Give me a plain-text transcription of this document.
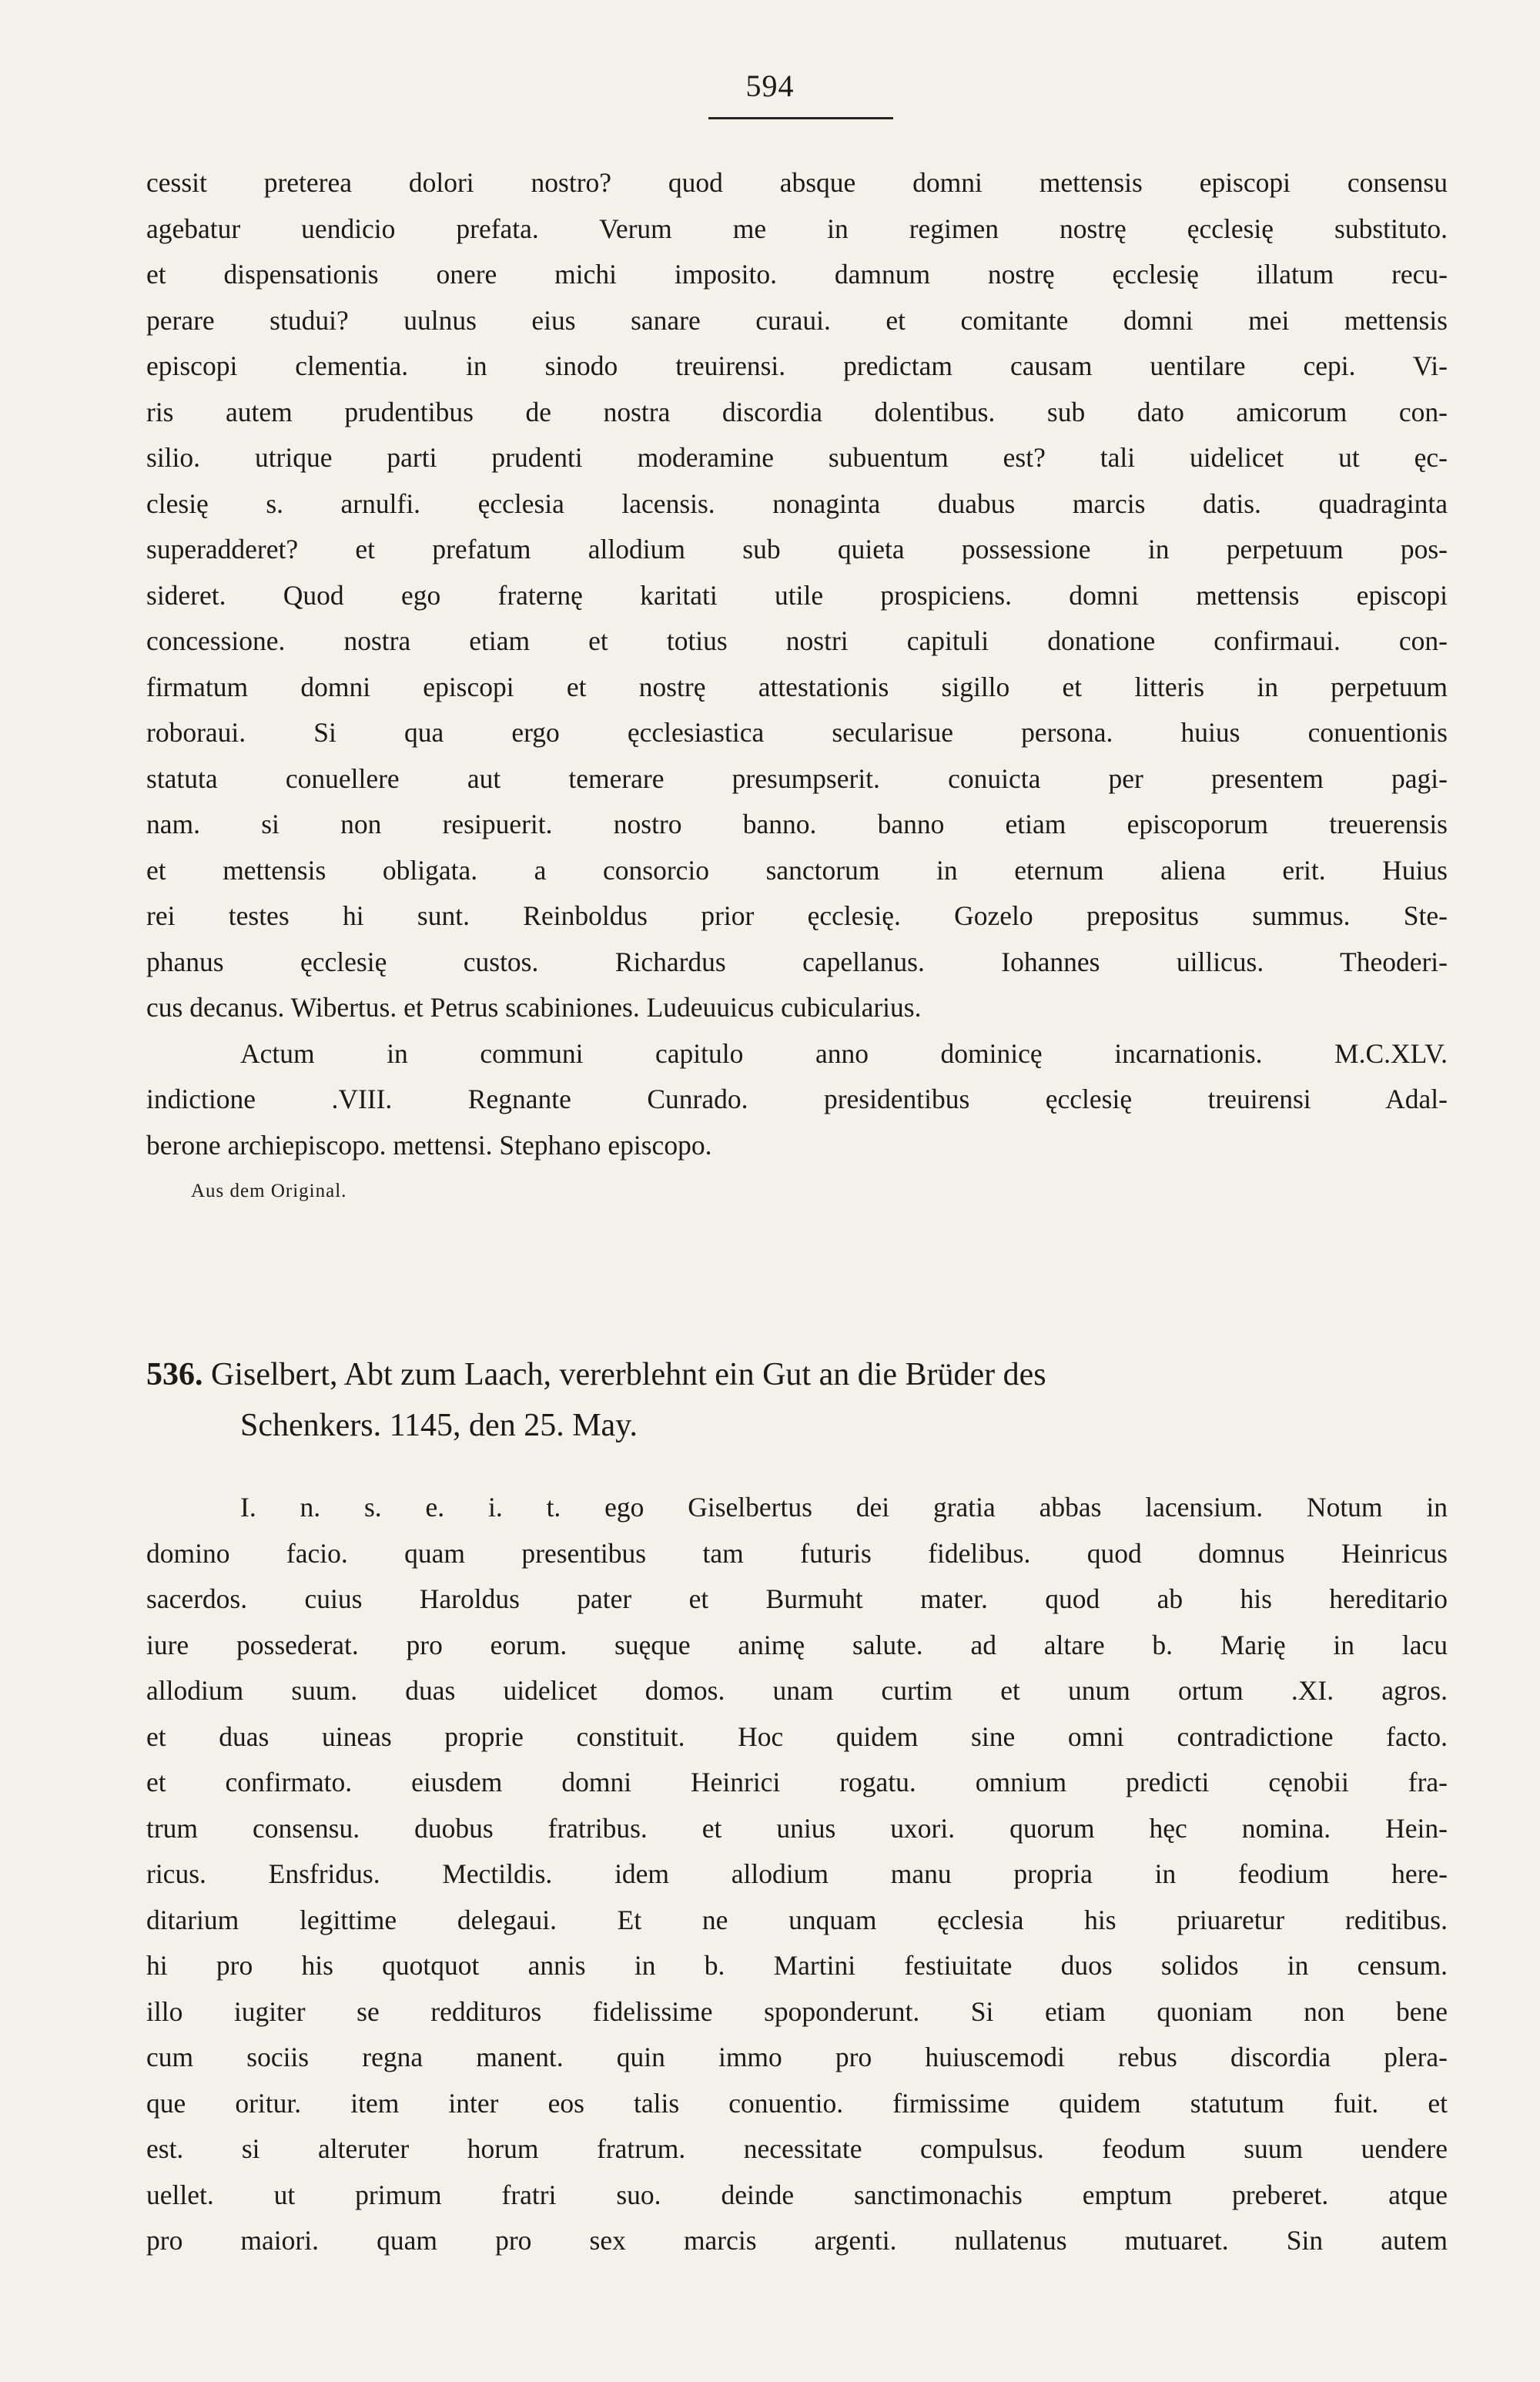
594
cessit preterea dolori nostro? quod absque domni mettensis episcopi consensu
agebatur uendicio prefata. Verum me in regimen nostrę ęcclesię substituto.
et dispensationis onere michi imposito. damnum nostrę ęcclesię illatum recu-
perare studui? uulnus eius sanare curaui. et comitante domni mei mettensis
episcopi clementia. in sinodo treuirensi. predictam causam uentilare cepi. Vi-
ris autem prudentibus de nostra discordia dolentibus. sub dato amicorum con-
silio. utrique parti prudenti moderamine subuentum est? tali uidelicet ut ęc-
clesię s. arnulfi. ęcclesia lacensis. nonaginta duabus marcis datis. quadraginta
superadderet? et prefatum allodium sub quieta possessione in perpetuum pos-
sideret. Quod ego fraternę karitati utile prospiciens. domni mettensis episcopi
concessione. nostra etiam et totius nostri capituli donatione confirmaui. con-
firmatum domni episcopi et nostrę attestationis sigillo et litteris in perpetuum
roboraui. Si qua ergo ęcclesiastica secularisue persona. huius conuentionis
statuta conuellere aut temerare presumpserit. conuicta per presentem pagi-
nam. si non resipuerit. nostro banno. banno etiam episcoporum treuerensis
et mettensis obligata. a consorcio sanctorum in eternum aliena erit. Huius
rei testes hi sunt. Reinboldus prior ęcclesię. Gozelo prepositus summus. Ste-
phanus ęcclesię custos. Richardus capellanus. Iohannes uillicus. Theoderi-
cus decanus. Wibertus. et Petrus scabiniones. Ludeuuicus cubicularius.
Actum in communi capitulo anno dominicę incarnationis. M.C.XLV.
indictione .VIII. Regnante Cunrado. presidentibus ęcclesię treuirensi Adal-
berone archiepiscopo. mettensi. Stephano episcopo.
Aus dem Original.
536. Giselbert, Abt zum Laach, vererblehnt ein Gut an die Brüder des
Schenkers. 1145, den 25. May.
I. n. s. e. i. t. ego Giselbertus dei gratia abbas lacensium. Notum in
domino facio. quam presentibus tam futuris fidelibus. quod domnus Heinricus
sacerdos. cuius Haroldus pater et Burmuht mater. quod ab his hereditario
iure possederat. pro eorum. suęque animę salute. ad altare b. Marię in lacu
allodium suum. duas uidelicet domos. unam curtim et unum ortum .XI. agros.
et duas uineas proprie constituit. Hoc quidem sine omni contradictione facto.
et confirmato. eiusdem domni Heinrici rogatu. omnium predicti cęnobii fra-
trum consensu. duobus fratribus. et unius uxori. quorum hęc nomina. Hein-
ricus. Ensfridus. Mectildis. idem allodium manu propria in feodium here-
ditarium legittime delegaui. Et ne unquam ęcclesia his priuaretur reditibus.
hi pro his quotquot annis in b. Martini festiuitate duos solidos in censum.
illo iugiter se reddituros fidelissime spoponderunt. Si etiam quoniam non bene
cum sociis regna manent. quin immo pro huiuscemodi rebus discordia plera-
que oritur. item inter eos talis conuentio. firmissime quidem statutum fuit. et
est. si alteruter horum fratrum. necessitate compulsus. feodum suum uendere
uellet. ut primum fratri suo. deinde sanctimonachis emptum preberet. atque
pro maiori. quam pro sex marcis argenti. nullatenus mutuaret. Sin autem
